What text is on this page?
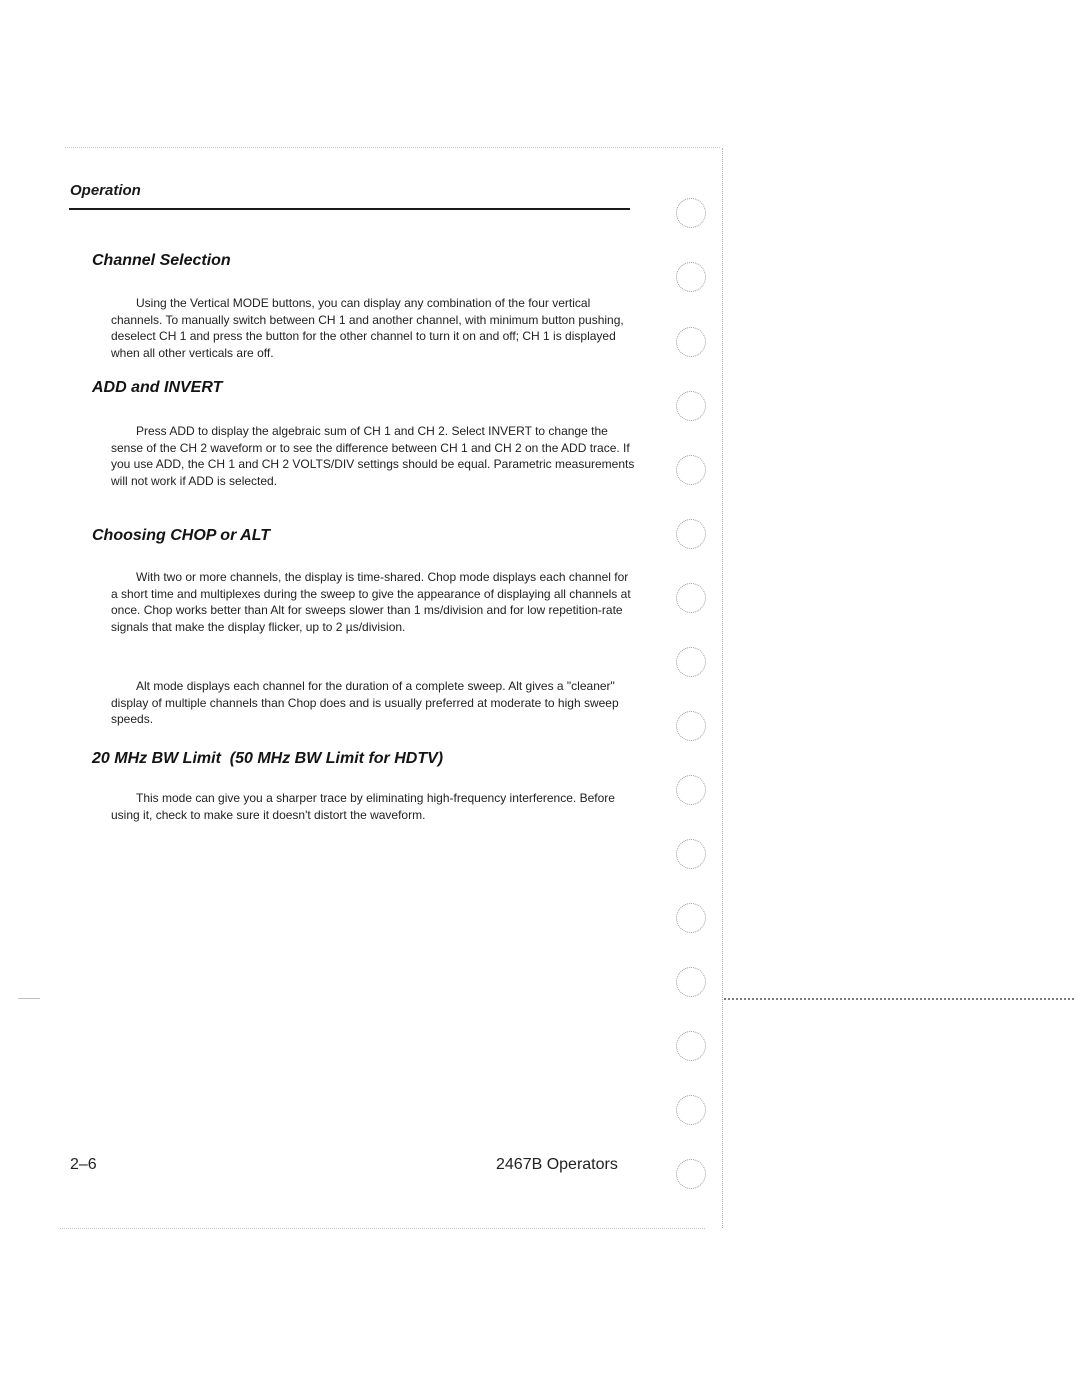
Operation
Channel Selection

Using the Vertical MODE buttons, you can display any combination of the four vertical channels. To manually switch between CH 1 and another channel, with minimum button pushing, deselect CH 1 and press the button for the other channel to turn it on and off; CH 1 is displayed when all other verticals are off.

ADD and INVERT

Press ADD to display the algebraic sum of CH 1 and CH 2. Select INVERT to change the sense of the CH 2 waveform or to see the difference between CH 1 and CH 2 on the ADD trace. If you use ADD, the CH 1 and CH 2 VOLTS/DIV settings should be equal. Parametric measurements will not work if ADD is selected.

Choosing CHOP or ALT

With two or more channels, the display is time-shared. Chop mode displays each channel for a short time and multiplexes during the sweep to give the appearance of displaying all channels at once. Chop works better than Alt for sweeps slower than 1 ms/division and for low repetition-rate signals that make the display flicker, up to 2 µs/division.

Alt mode displays each channel for the duration of a complete sweep. Alt gives a "cleaner" display of multiple channels than Chop does and is usually preferred at moderate to high sweep speeds.

20 MHz BW Limit  (50 MHz BW Limit for HDTV)

This mode can give you a sharper trace by eliminating high-frequency interference. Before using it, check to make sure it doesn't distort the waveform.

2–6	2467B Operators
